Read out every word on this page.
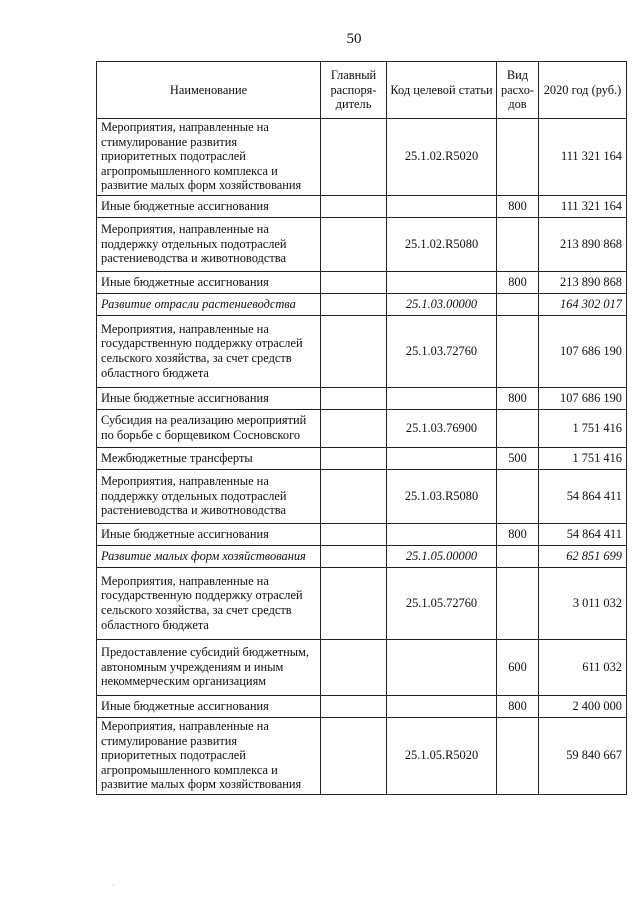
50
Наименование	Главный распоря-дитель	Код целевой статьи	Вид расхо-дов	2020 год (руб.)
Мероприятия, направленные на стимулирование развития приоритетных подотраслей агропромышленного комплекса и развитие малых форм хозяйствования		25.1.02.R5020		111 321 164
Иные бюджетные ассигнования			800	111 321 164
Мероприятия, направленные на поддержку отдельных подотраслей растениеводства и животноводства		25.1.02.R5080		213 890 868
Иные бюджетные ассигнования			800	213 890 868
Развитие отрасли растениеводства		25.1.03.00000		164 302 017
Мероприятия, направленные на государственную поддержку отраслей сельского хозяйства, за счет средств областного бюджета		25.1.03.72760		107 686 190
Иные бюджетные ассигнования			800	107 686 190
Субсидия на реализацию мероприятий по борьбе с борщевиком Сосновского		25.1.03.76900		1 751 416
Межбюджетные трансферты			500	1 751 416
Мероприятия, направленные на поддержку отдельных подотраслей растениеводства и животноводства		25.1.03.R5080		54 864 411
Иные бюджетные ассигнования			800	54 864 411
Развитие малых форм хозяйствования		25.1.05.00000		62 851 699
Мероприятия, направленные на государственную поддержку отраслей сельского хозяйства, за счет средств областного бюджета		25.1.05.72760		3 011 032
Предоставление субсидий бюджетным, автономным учреждениям и иным некоммерческим организациям			600	611 032
Иные бюджетные ассигнования			800	2 400 000
Мероприятия, направленные на стимулирование развития приоритетных подотраслей агропромышленного комплекса и развитие малых форм хозяйствования		25.1.05.R5020		59 840 667
·
